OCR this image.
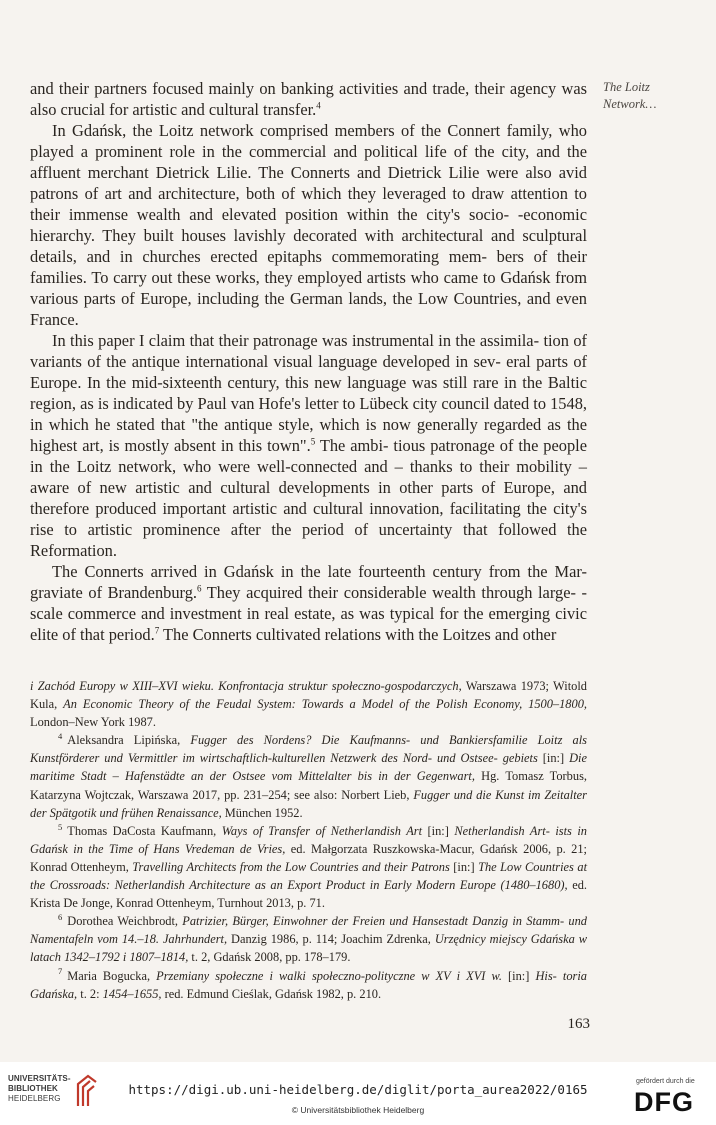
and their partners focused mainly on banking activities and trade, their agency was also crucial for artistic and cultural transfer.$^4$

In Gdańsk, the Loitz network comprised members of the Connert family, who played a prominent role in the commercial and political life of the city, and the affluent merchant Dietrick Lilie. The Connerts and Dietrick Lilie were also avid patrons of art and architecture, both of which they leveraged to draw attention to their immense wealth and elevated position within the city's socio- -economic hierarchy. They built houses lavishly decorated with architectural and sculptural details, and in churches erected epitaphs commemorating mem- bers of their families. To carry out these works, they employed artists who came to Gdańsk from various parts of Europe, including the German lands, the Low Countries, and even France.

In this paper I claim that their patronage was instrumental in the assimila- tion of variants of the antique international visual language developed in sev- eral parts of Europe. In the mid-sixteenth century, this new language was still rare in the Baltic region, as is indicated by Paul van Hofe's letter to Lübeck city council dated to 1548, in which he stated that "the antique style, which is now generally regarded as the highest art, is mostly absent in this town".$^5$ The ambi- tious patronage of the people in the Loitz network, who were well-connected and – thanks to their mobility – aware of new artistic and cultural developments in other parts of Europe, and therefore produced important artistic and cultural innovation, facilitating the city's rise to artistic prominence after the period of uncertainty that followed the Reformation.

The Connerts arrived in Gdańsk in the late fourteenth century from the Mar- graviate of Brandenburg.$^6$ They acquired their considerable wealth through large- -scale commerce and investment in real estate, as was typical for the emerging civic elite of that period.$^7$ The Connerts cultivated relations with the Loitzes and other

The Loitz
Network…

i Zachód Europy w XIII–XVI wieku. Konfrontacja struktur społeczno-gospodarczych, Warszawa 1973; Witold Kula, An Economic Theory of the Feudal System: Towards a Model of the Polish Economy, 1500–1800, London–New York 1987.

$^4$ Aleksandra Lipińska, Fugger des Nordens? Die Kaufmanns- und Bankiersfamilie Loitz als Kunstförderer und Vermittler im wirtschaftlich-kulturellen Netzwerk des Nord- und Ostsee- gebiets [in:] Die maritime Stadt – Hafenstädte an der Ostsee vom Mittelalter bis in der Gegenwart, Hg. Tomasz Torbus, Katarzyna Wojtczak, Warszawa 2017, pp. 231–254; see also: Norbert Lieb, Fugger und die Kunst im Zeitalter der Spätgotik und frühen Renaissance, München 1952.

$^5$ Thomas DaCosta Kaufmann, Ways of Transfer of Netherlandish Art [in:] Netherlandish Art- ists in Gdańsk in the Time of Hans Vredeman de Vries, ed. Małgorzata Ruszkowska-Macur, Gdańsk 2006, p. 21; Konrad Ottenheym, Travelling Architects from the Low Countries and their Patrons [in:] The Low Countries at the Crossroads: Netherlandish Architecture as an Export Product in Early Modern Europe (1480–1680), ed. Krista De Jonge, Konrad Ottenheym, Turnhout 2013, p. 71.

$^6$ Dorothea Weichbrodt, Patrizier, Bürger, Einwohner der Freien und Hansestadt Danzig in Stamm- und Namentafeln vom 14.–18. Jahrhundert, Danzig 1986, p. 114; Joachim Zdrenka, Urzędnicy miejscy Gdańska w latach 1342–1792 i 1807–1814, t. 2, Gdańsk 2008, pp. 178–179.

$^7$ Maria Bogucka, Przemiany społeczne i walki społeczno-polityczne w XV i XVI w. [in:] His- toria Gdańska, t. 2: 1454–1655, red. Edmund Cieślak, Gdańsk 1982, p. 210.

163
UNIVERSITÄTS-
BIBLIOTHEK
HEIDELBERG
https://digi.ub.uni-heidelberg.de/diglit/porta_aurea2022/0165
© Universitätsbibliothek Heidelberg
gefördert durch die
DFG
